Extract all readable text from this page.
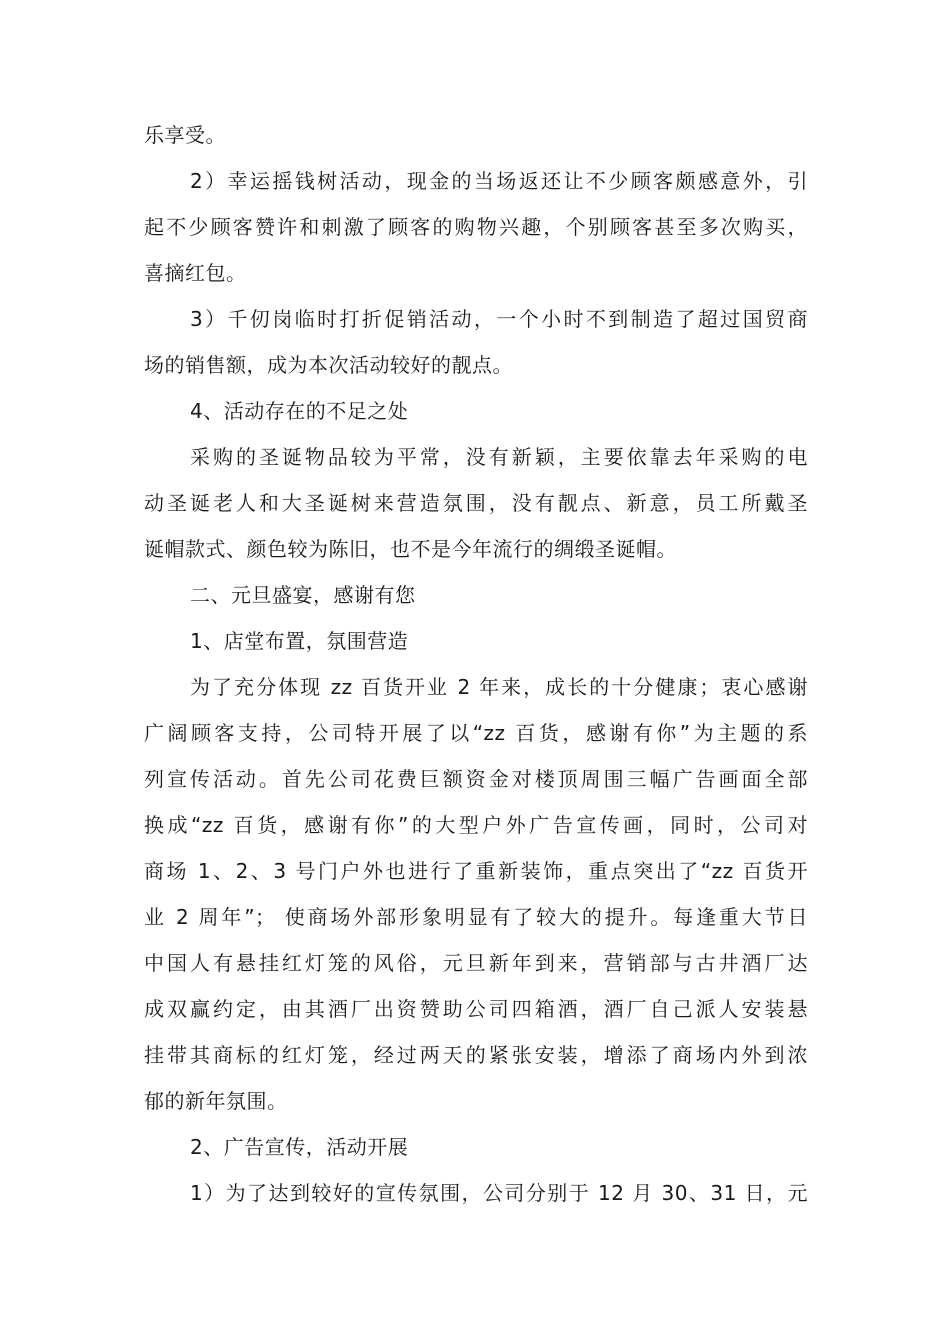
乐享受。
2）幸运摇钱树活动，现金的当场返还让不少顾客颇感意外，引
起不少顾客赞许和刺激了顾客的购物兴趣，个别顾客甚至多次购买，
喜摘红包。
3）千仞岗临时打折促销活动，一个小时不到制造了超过国贸商
场的销售额，成为本次活动较好的靓点。
4、活动存在的不足之处
采购的圣诞物品较为平常，没有新颖，主要依靠去年采购的电
动圣诞老人和大圣诞树来营造氛围，没有靓点、新意，员工所戴圣
诞帽款式、颜色较为陈旧，也不是今年流行的绸缎圣诞帽。
二、元旦盛宴，感谢有您
1、店堂布置，氛围营造
为了充分体现 zz 百货开业 2 年来，成长的十分健康；衷心感谢
广阔顾客支持，公司特开展了以“zz 百货，感谢有你”为主题的系
列宣传活动。首先公司花费巨额资金对楼顶周围三幅广告画面全部
换成“zz 百货，感谢有你”的大型户外广告宣传画，同时，公司对
商场 1、2、3 号门户外也进行了重新装饰，重点突出了“zz 百货开
业 2 周年”； 使商场外部形象明显有了较大的提升。每逢重大节日
中国人有悬挂红灯笼的风俗，元旦新年到来，营销部与古井酒厂达
成双赢约定，由其酒厂出资赞助公司四箱酒，酒厂自己派人安装悬
挂带其商标的红灯笼，经过两天的紧张安装，增添了商场内外到浓
郁的新年氛围。
2、广告宣传，活动开展
1）为了达到较好的宣传氛围，公司分别于 12 月 30、31 日，元
